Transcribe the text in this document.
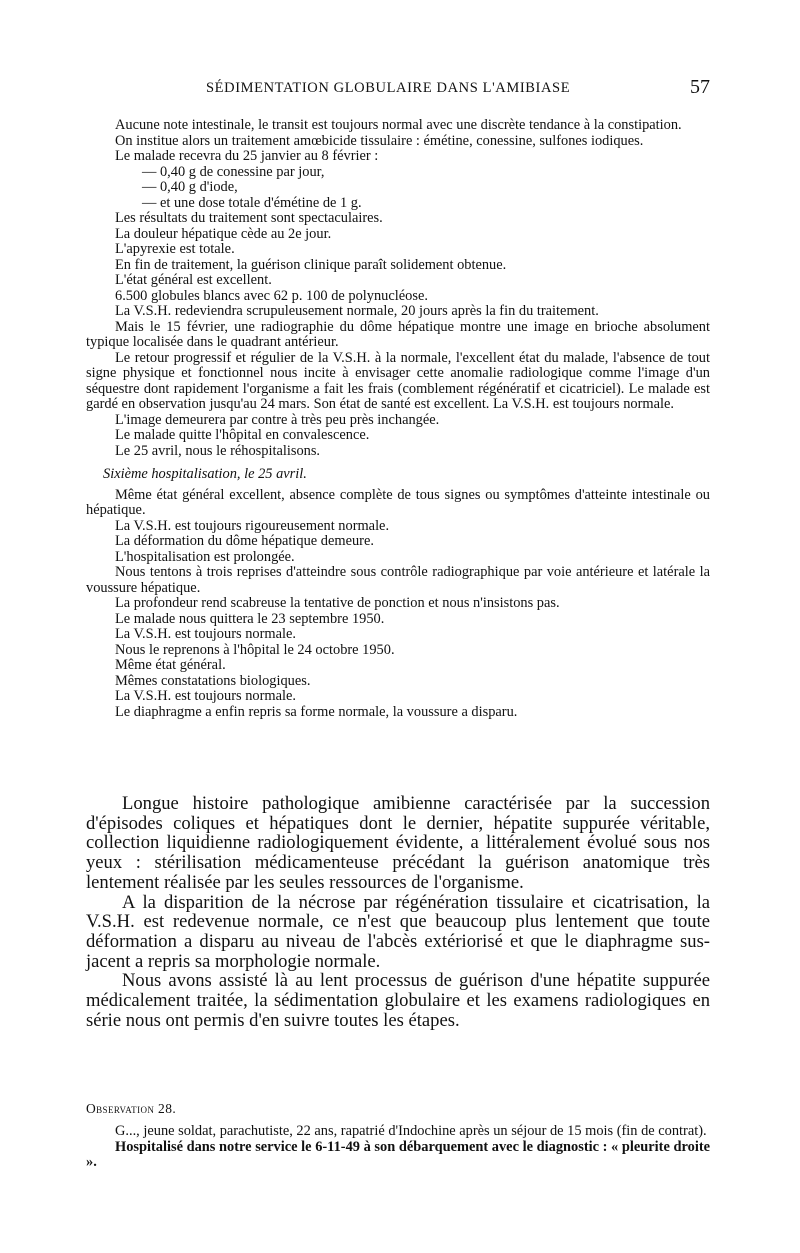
SÉDIMENTATION GLOBULAIRE DANS L'AMIBIASE	57

Aucune note intestinale, le transit est toujours normal avec une discrète tendance à la constipation.

On institue alors un traitement amœbicide tissulaire : émétine, conessine, sulfones iodiques.

Le malade recevra du 25 janvier au 8 février :

— 0,40 g de conessine par jour,

— 0,40 g d'iode,

— et une dose totale d'émétine de 1 g.

Les résultats du traitement sont spectaculaires.

La douleur hépatique cède au 2e jour.

L'apyrexie est totale.

En fin de traitement, la guérison clinique paraît solidement obtenue.

L'état général est excellent.

6.500 globules blancs avec 62 p. 100 de polynucléose.

La V.S.H. redeviendra scrupuleusement normale, 20 jours après la fin du traitement.

Mais le 15 février, une radiographie du dôme hépatique montre une image en brioche absolument typique localisée dans le quadrant antérieur.

Le retour progressif et régulier de la V.S.H. à la normale, l'excellent état du malade, l'absence de tout signe physique et fonctionnel nous incite à envisager cette anomalie radiologique comme l'image d'un séquestre dont rapidement l'organisme a fait les frais (comblement régénératif et cicatriciel). Le malade est gardé en observation jusqu'au 24 mars. Son état de santé est excellent. La V.S.H. est toujours normale.

L'image demeurera par contre à très peu près inchangée.

Le malade quitte l'hôpital en convalescence.

Le 25 avril, nous le réhospitalisons.

Sixième hospitalisation, le 25 avril.

Même état général excellent, absence complète de tous signes ou symptômes d'atteinte intestinale ou hépatique.

La V.S.H. est toujours rigoureusement normale.

La déformation du dôme hépatique demeure.

L'hospitalisation est prolongée.

Nous tentons à trois reprises d'atteindre sous contrôle radiographique par voie antérieure et latérale la voussure hépatique.

La profondeur rend scabreuse la tentative de ponction et nous n'insistons pas.

Le malade nous quittera le 23 septembre 1950.

La V.S.H. est toujours normale.

Nous le reprenons à l'hôpital le 24 octobre 1950.

Même état général.

Mêmes constatations biologiques.

La V.S.H. est toujours normale.

Le diaphragme a enfin repris sa forme normale, la voussure a disparu.

Longue histoire pathologique amibienne caractérisée par la succession d'épisodes coliques et hépatiques dont le dernier, hépatite suppurée véritable, collection liquidienne radiologiquement évidente, a littéralement évolué sous nos yeux : stérilisation médicamenteuse précédant la guérison anatomique très lentement réalisée par les seules ressources de l'organisme.

A la disparition de la nécrose par régénération tissulaire et cicatrisation, la V.S.H. est redevenue normale, ce n'est que beaucoup plus lentement que toute déformation a disparu au niveau de l'abcès extériorisé et que le diaphragme sus-jacent a repris sa morphologie normale.

Nous avons assisté là au lent processus de guérison d'une hépatite suppurée médicalement traitée, la sédimentation globulaire et les examens radiologiques en série nous ont permis d'en suivre toutes les étapes.

Observation 28.

G..., jeune soldat, parachutiste, 22 ans, rapatrié d'Indochine après un séjour de 15 mois (fin de contrat).

Hospitalisé dans notre service le 6-11-49 à son débarquement avec le diagnostic : « pleurite droite ».
